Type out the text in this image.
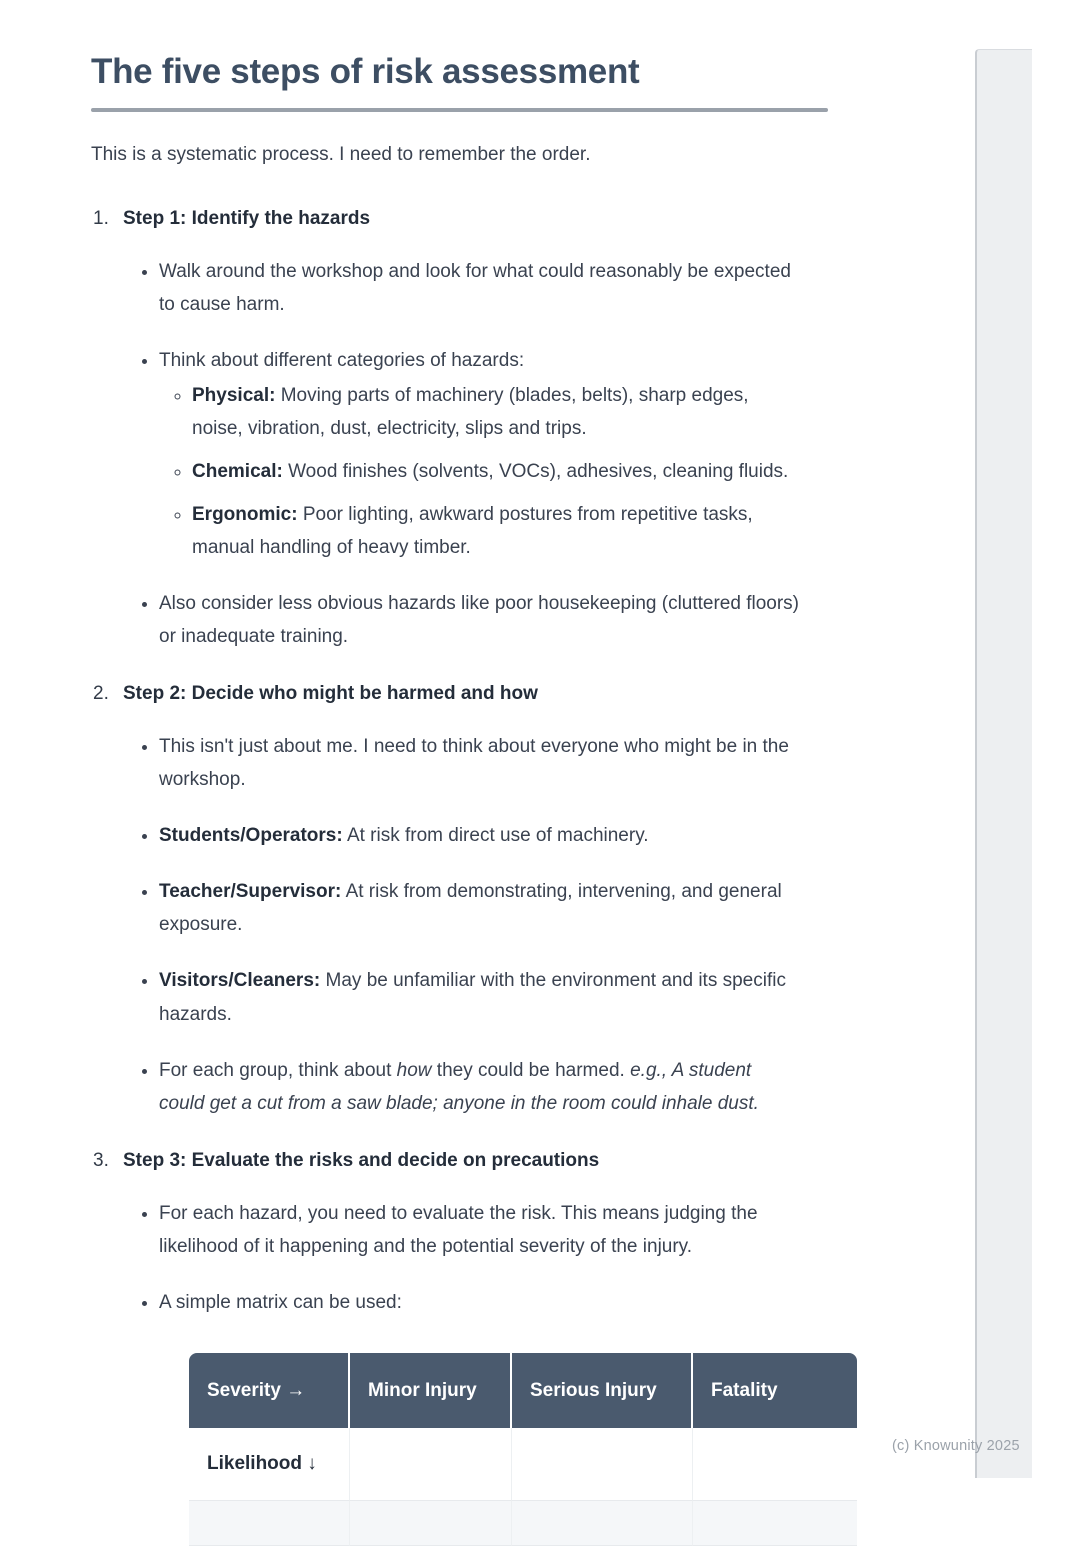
The five steps of risk assessment

This is a systematic process. I need to remember the order.

1. Step 1: Identify the hazards
• Walk around the workshop and look for what could reasonably be expected to cause harm.
• Think about different categories of hazards:
◦ Physical: Moving parts of machinery (blades, belts), sharp edges, noise, vibration, dust, electricity, slips and trips.
◦ Chemical: Wood finishes (solvents, VOCs), adhesives, cleaning fluids.
◦ Ergonomic: Poor lighting, awkward postures from repetitive tasks, manual handling of heavy timber.
• Also consider less obvious hazards like poor housekeeping (cluttered floors) or inadequate training.
2. Step 2: Decide who might be harmed and how
• This isn't just about me. I need to think about everyone who might be in the workshop.
• Students/Operators: At risk from direct use of machinery.
• Teacher/Supervisor: At risk from demonstrating, intervening, and general exposure.
• Visitors/Cleaners: May be unfamiliar with the environment and its specific hazards.
• For each group, think about how they could be harmed. e.g., A student could get a cut from a saw blade; anyone in the room could inhale dust.
3. Step 3: Evaluate the risks and decide on precautions
• For each hazard, you need to evaluate the risk. This means judging the likelihood of it happening and the potential severity of the injury.
• A simple matrix can be used:
Severity →	Minor Injury	Serious Injury	Fatality
Likelihood ↓			

(c) Knowunity 2025
